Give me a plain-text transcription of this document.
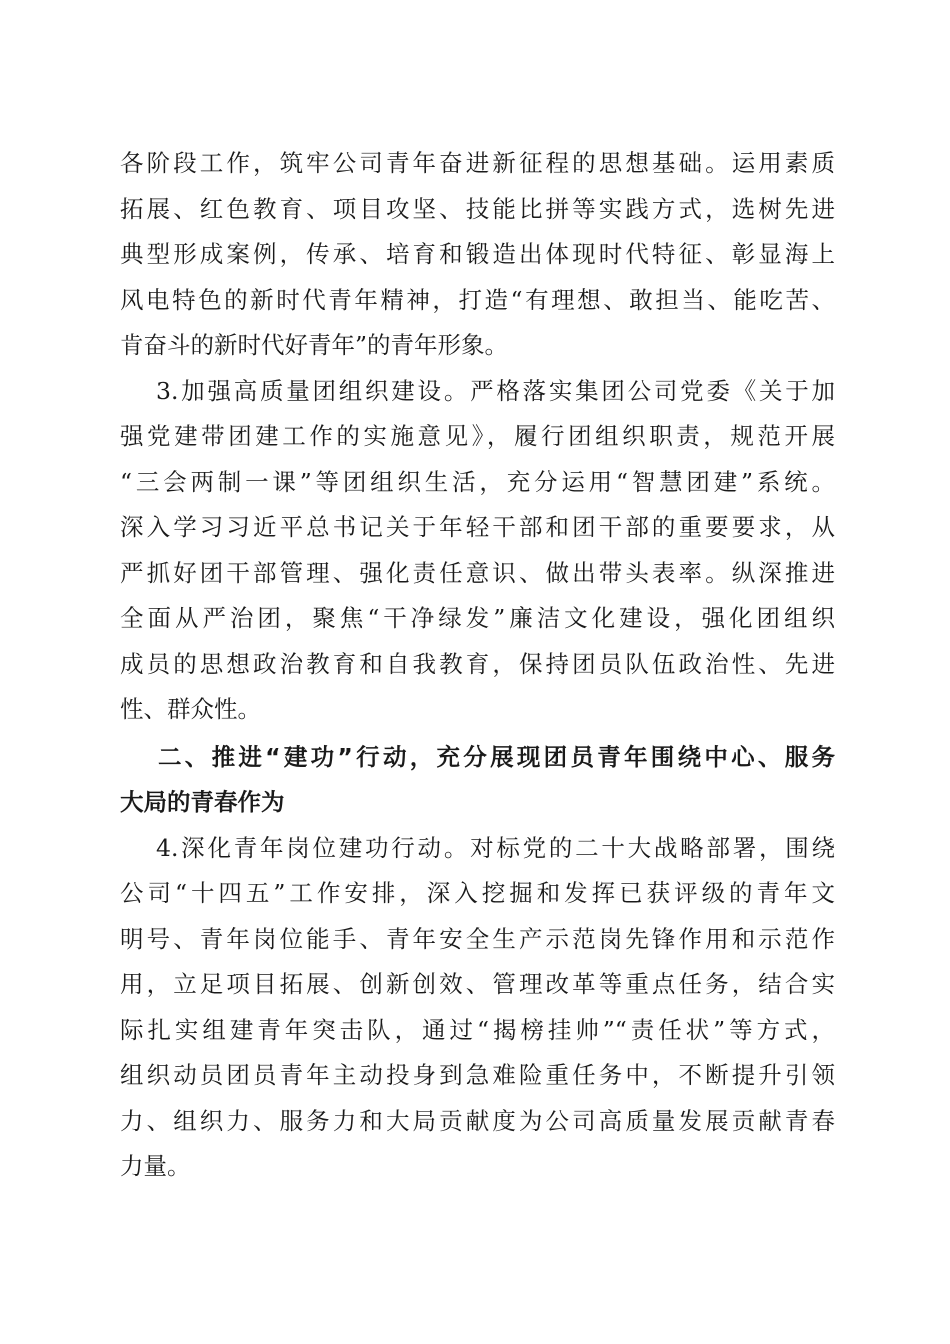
各阶段工作，筑牢公司青年奋进新征程的思想基础。运用素质
拓展、红色教育、项目攻坚、技能比拼等实践方式，选树先进
典型形成案例，传承、培育和锻造出体现时代特征、彰显海上
风电特色的新时代青年精神，打造“有理想、敢担当、能吃苦、
肯奋斗的新时代好青年”的青年形象。
3.加强高质量团组织建设。严格落实集团公司党委《关于加
强党建带团建工作的实施意见》，履行团组织职责，规范开展
“三会两制一课”等团组织生活，充分运用“智慧团建”系统。
深入学习习近平总书记关于年轻干部和团干部的重要要求，从
严抓好团干部管理、强化责任意识、做出带头表率。纵深推进
全面从严治团，聚焦“干净绿发”廉洁文化建设，强化团组织
成员的思想政治教育和自我教育，保持团员队伍政治性、先进
性、群众性。
二、推进“建功”行动，充分展现团员青年围绕中心、服务
大局的青春作为
4.深化青年岗位建功行动。对标党的二十大战略部署，围绕
公司“十四五”工作安排，深入挖掘和发挥已获评级的青年文
明号、青年岗位能手、青年安全生产示范岗先锋作用和示范作
用，立足项目拓展、创新创效、管理改革等重点任务，结合实
际扎实组建青年突击队，通过“揭榜挂帅”“责任状”等方式，
组织动员团员青年主动投身到急难险重任务中，不断提升引领
力、组织力、服务力和大局贡献度为公司高质量发展贡献青春
力量。
